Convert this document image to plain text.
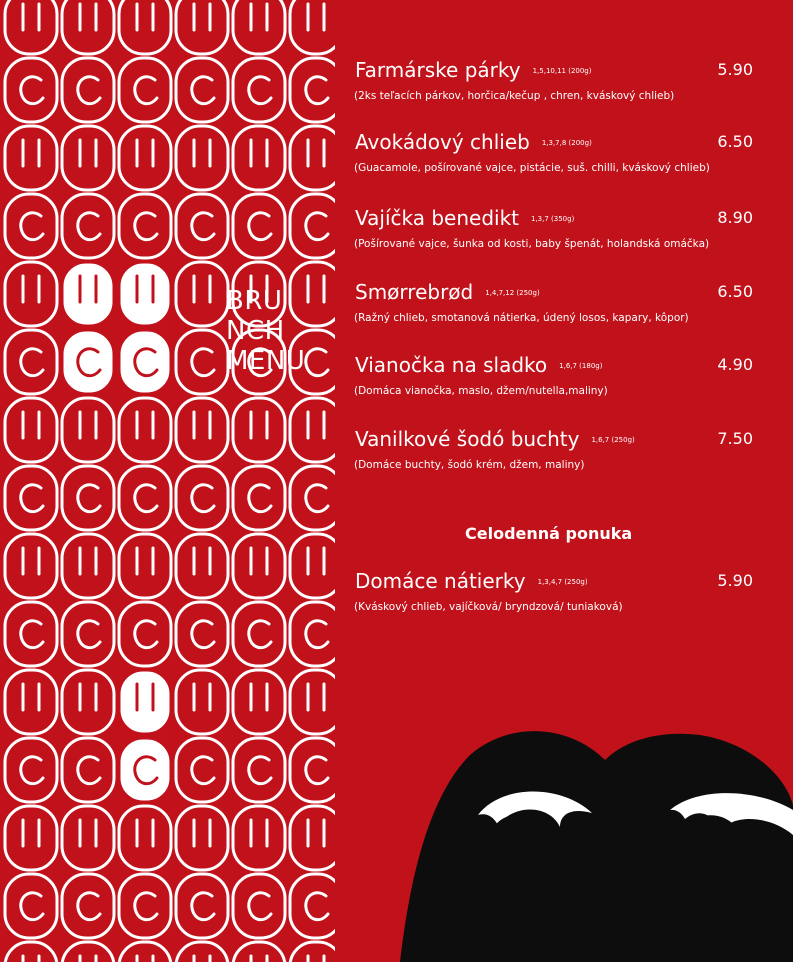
BRU
NCH
MENU
Farmárske párky 1,5,10,11 (200g)	5.90
(2ks teľacích párkov, horčica/kečup , chren, kváskový chlieb)
Avokádový chlieb 1,3,7,8 (200g)	6.50
(Guacamole, pošírované vajce, pistácie, suš. chilli, kváskový chlieb)
Vajíčka benedikt 1,3,7 (350g)	8.90
(Pošírované vajce, šunka od kosti, baby špenát, holandská omáčka)
Smørrebrød 1,4,7,12 (250g)	6.50
(Ražný chlieb, smotanová nátierka, údený losos, kapary, kôpor)
Vianočka na sladko 1,6,7 (180g)	4.90
(Domáca vianočka, maslo, džem/nutella,maliny)
Vanilkové šodó buchty 1,6,7 (250g)	7.50
(Domáce buchty, šodó krém, džem, maliny)
Domáce nátierky 1,3,4,7 (250g)	5.90
(Kváskový chlieb, vajíčková/ bryndzová/ tuniaková)
Celodenná ponuka
